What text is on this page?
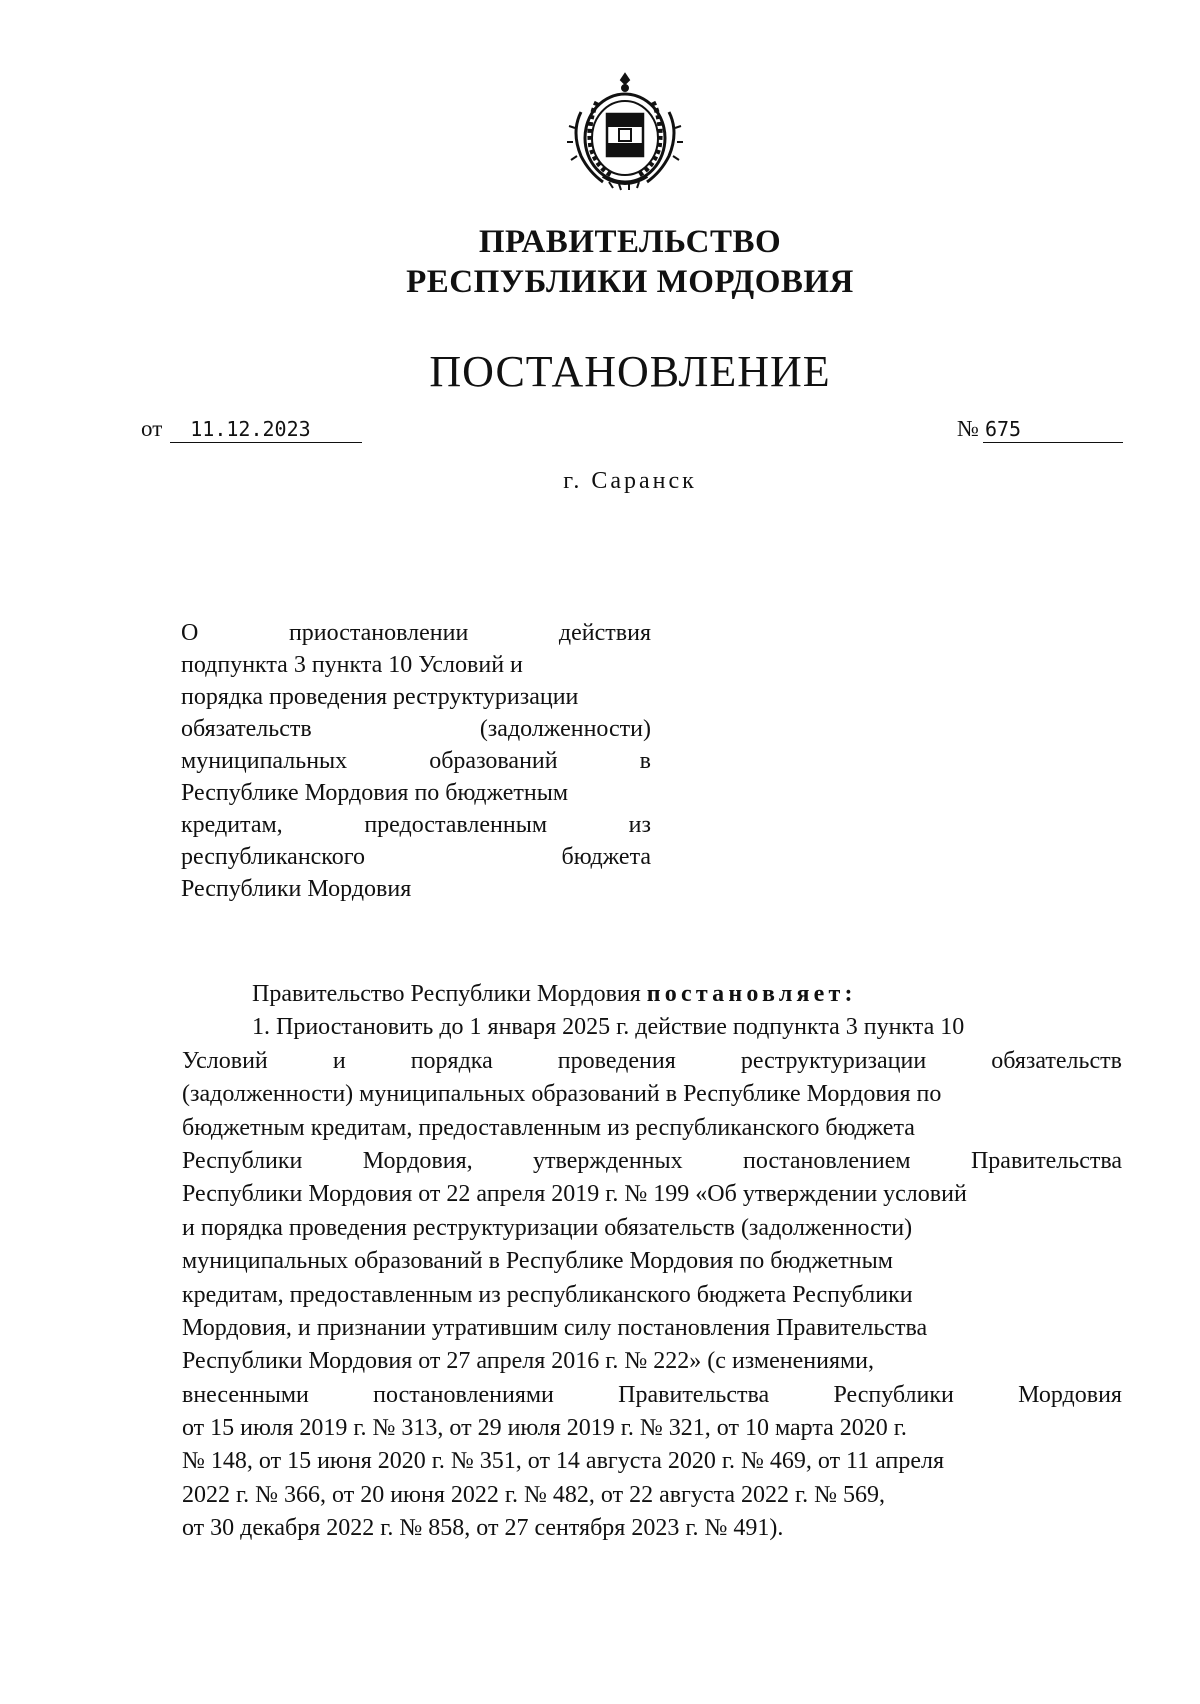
ПРАВИТЕЛЬСТВО
РЕСПУБЛИКИ МОРДОВИЯ
ПОСТАНОВЛЕНИЕ
от	11.12.2023	№ 675
г. Саранск
О	приостановлении	действия
подпункта 3 пункта 10 Условий и
порядка проведения реструктуризации
обязательств	(задолженности)
муниципальных	образований	в
Республике Мордовия по бюджетным
кредитам,	предоставленным	из
республиканского	бюджета
Республики Мордовия
Правительство Республики Мордовия постановляет:
1. Приостановить до 1 января 2025 г. действие подпункта 3 пункта 10
Условий	и	порядка	проведения	реструктуризации	обязательств
(задолженности) муниципальных образований в Республике Мордовия по
бюджетным кредитам, предоставленным из республиканского бюджета
Республики	Мордовия,	утвержденных	постановлением	Правительства
Республики Мордовия от 22 апреля 2019 г. № 199 «Об утверждении условий
и порядка проведения реструктуризации обязательств (задолженности)
муниципальных образований в Республике Мордовия по бюджетным
кредитам, предоставленным из республиканского бюджета Республики
Мордовия, и признании утратившим силу постановления Правительства
Республики Мордовия от 27 апреля 2016 г. № 222» (с изменениями,
внесенными	постановлениями	Правительства	Республики	Мордовия
от 15 июля 2019 г. № 313, от 29 июля 2019 г. № 321, от 10 марта 2020 г.
№ 148, от 15 июня 2020 г. № 351, от 14 августа 2020 г. № 469, от 11 апреля
2022 г. № 366, от 20 июня 2022 г. № 482, от 22 августа 2022 г. № 569,
от 30 декабря 2022 г. № 858, от 27 сентября 2023 г. № 491).
